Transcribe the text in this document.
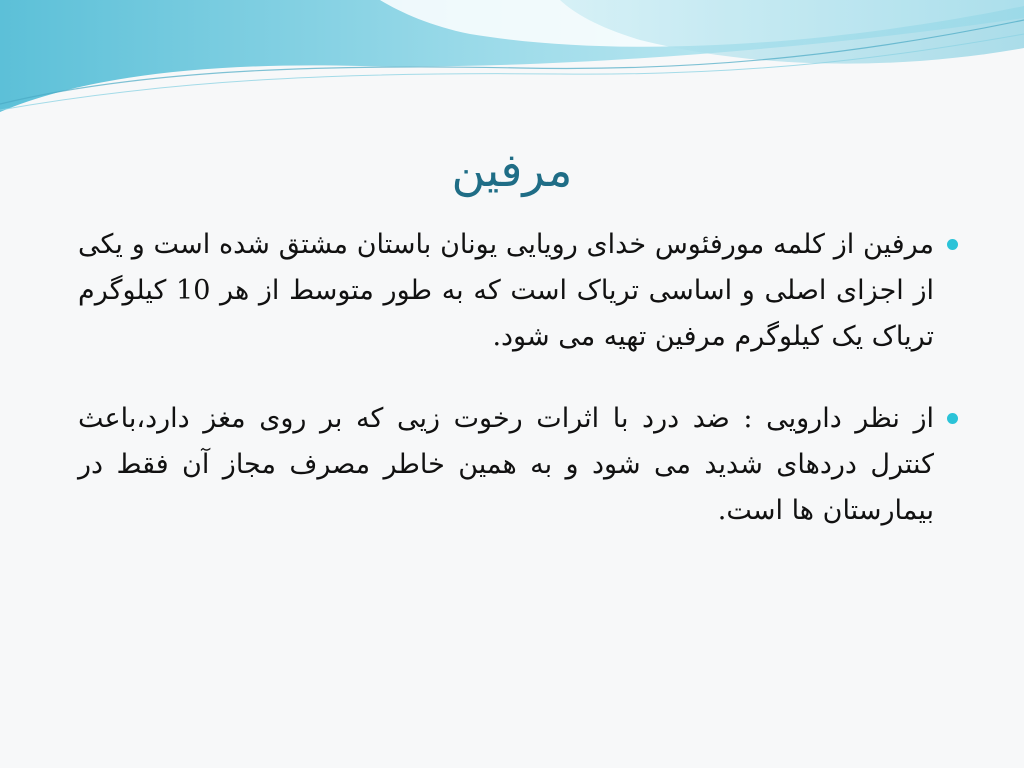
مرفین
مرفین از کلمه مورفئوس خدای رویایی یونان باستان مشتق شده است و یکی از اجزای اصلی و اساسی تریاک است که به طور متوسط از هر 10 کیلوگرم تریاک یک کیلوگرم مرفین تهیه می شود.
از نظر دارویی : ضد درد با اثرات رخوت زیی که بر روی مغز دارد،باعث کنترل دردهای شدید می شود و به همین خاطر مصرف مجاز آن فقط در بیمارستان ها است.
